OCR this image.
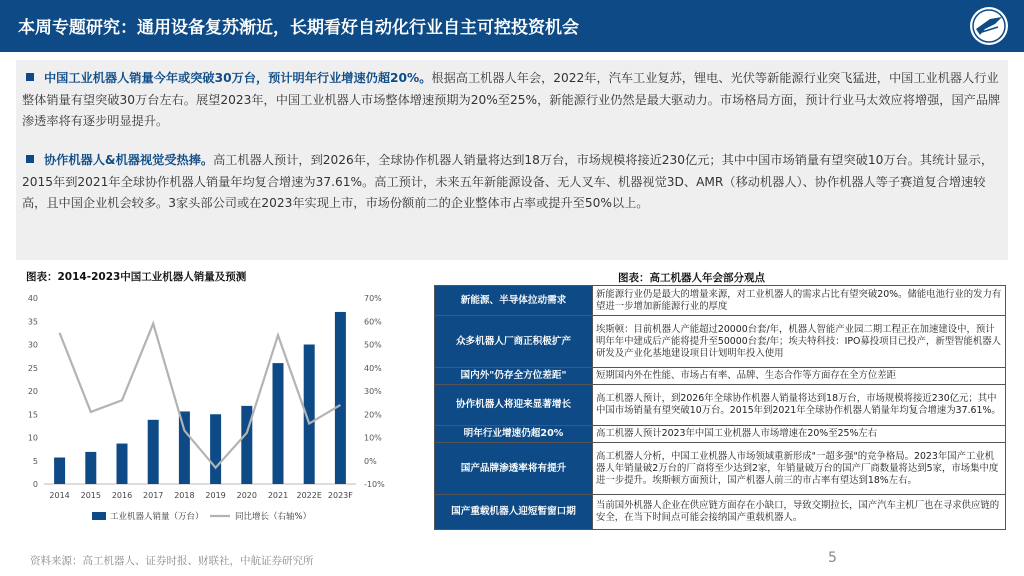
本周专题研究：通用设备复苏渐近，长期看好自动化行业自主可控投资机会
中国工业机器人销量今年或突破30万台，预计明年行业增速仍超20%。根据高工机器人年会，2022年，汽车工业复苏，锂电、光伏等新能源行业突飞猛进，中国工业机器人行业整体销量有望突破30万台左右。展望2023年，中国工业机器人市场整体增速预期为20%至25%，新能源行业仍然是最大驱动力。市场格局方面，预计行业马太效应将增强，国产品牌渗透率将有逐步明显提升。
协作机器人&机器视觉受热捧。高工机器人预计，到2026年，全球协作机器人销量将达到18万台，市场规模将接近230亿元；其中中国市场销量有望突破10万台。其统计显示，2015年到2021年全球协作机器人销量年均复合增速为37.61%。高工预计，未来五年新能源设备、无人叉车、机器视觉3D、AMR（移动机器人）、协作机器人等子赛道复合增速较高，且中国企业机会较多。3家头部公司或在2023年实现上市，市场份额前二的企业整体市占率或提升至50%以上。
图表：2014-2023中国工业机器人销量及预测	图表：高工机器人年会部分观点
0
5
10
15
20
25
30
35
40
-10%
0%
10%
20%
30%
40%
50%
60%
70%
2014 2015 2016 2017 2018 2019 2020 2021 2022E 2023F
工业机器人销量（万台）	同比增长（右轴%）
新能源、半导体拉动需求	新能源行业仍是最大的增量来源，对工业机器人的需求占比有望突破20%。储能电池行业的发力有望进一步增加新能源行业的厚度
众多机器人厂商正积极扩产	埃斯顿：目前机器人产能超过20000台套/年，机器人智能产业园二期工程正在加速建设中，预计明年年中建成后产能将提升至50000台套/年；埃夫特科技：IPO募投项目已投产，新型智能机器人研发及产业化基地建设项目计划明年投入使用
国内外"仍存全方位差距"	短期国内外在性能、市场占有率、品牌、生态合作等方面存在全方位差距
协作机器人将迎来显著增长	高工机器人预计，到2026年全球协作机器人销量将达到18万台，市场规模将接近230亿元；其中中国市场销量有望突破10万台。2015年到2021年全球协作机器人销量年均复合增速为37.61%。
明年行业增速仍超20%	高工机器人预计2023年中国工业机器人市场增速在20%至25%左右
国产品牌渗透率将有提升	高工机器人分析，中国工业机器人市场领域重新形成"一超多强"的竞争格局。2023年国产工业机器人年销量破2万台的厂商将至少达到2家，年销量破万台的国产厂商数量将达到5家，市场集中度进一步提升。埃斯顿方面预计，国产机器人前三的市占率有望达到18%左右。
国产重载机器人迎短暂窗口期	当前国外机器人企业在供应链方面存在小缺口，导致交期拉长，国产汽车主机厂也在寻求供应链的安全，在当下时间点可能会接纳国产重载机器人。
资料来源：高工机器人、证券时报、财联社，中航证券研究所	5
